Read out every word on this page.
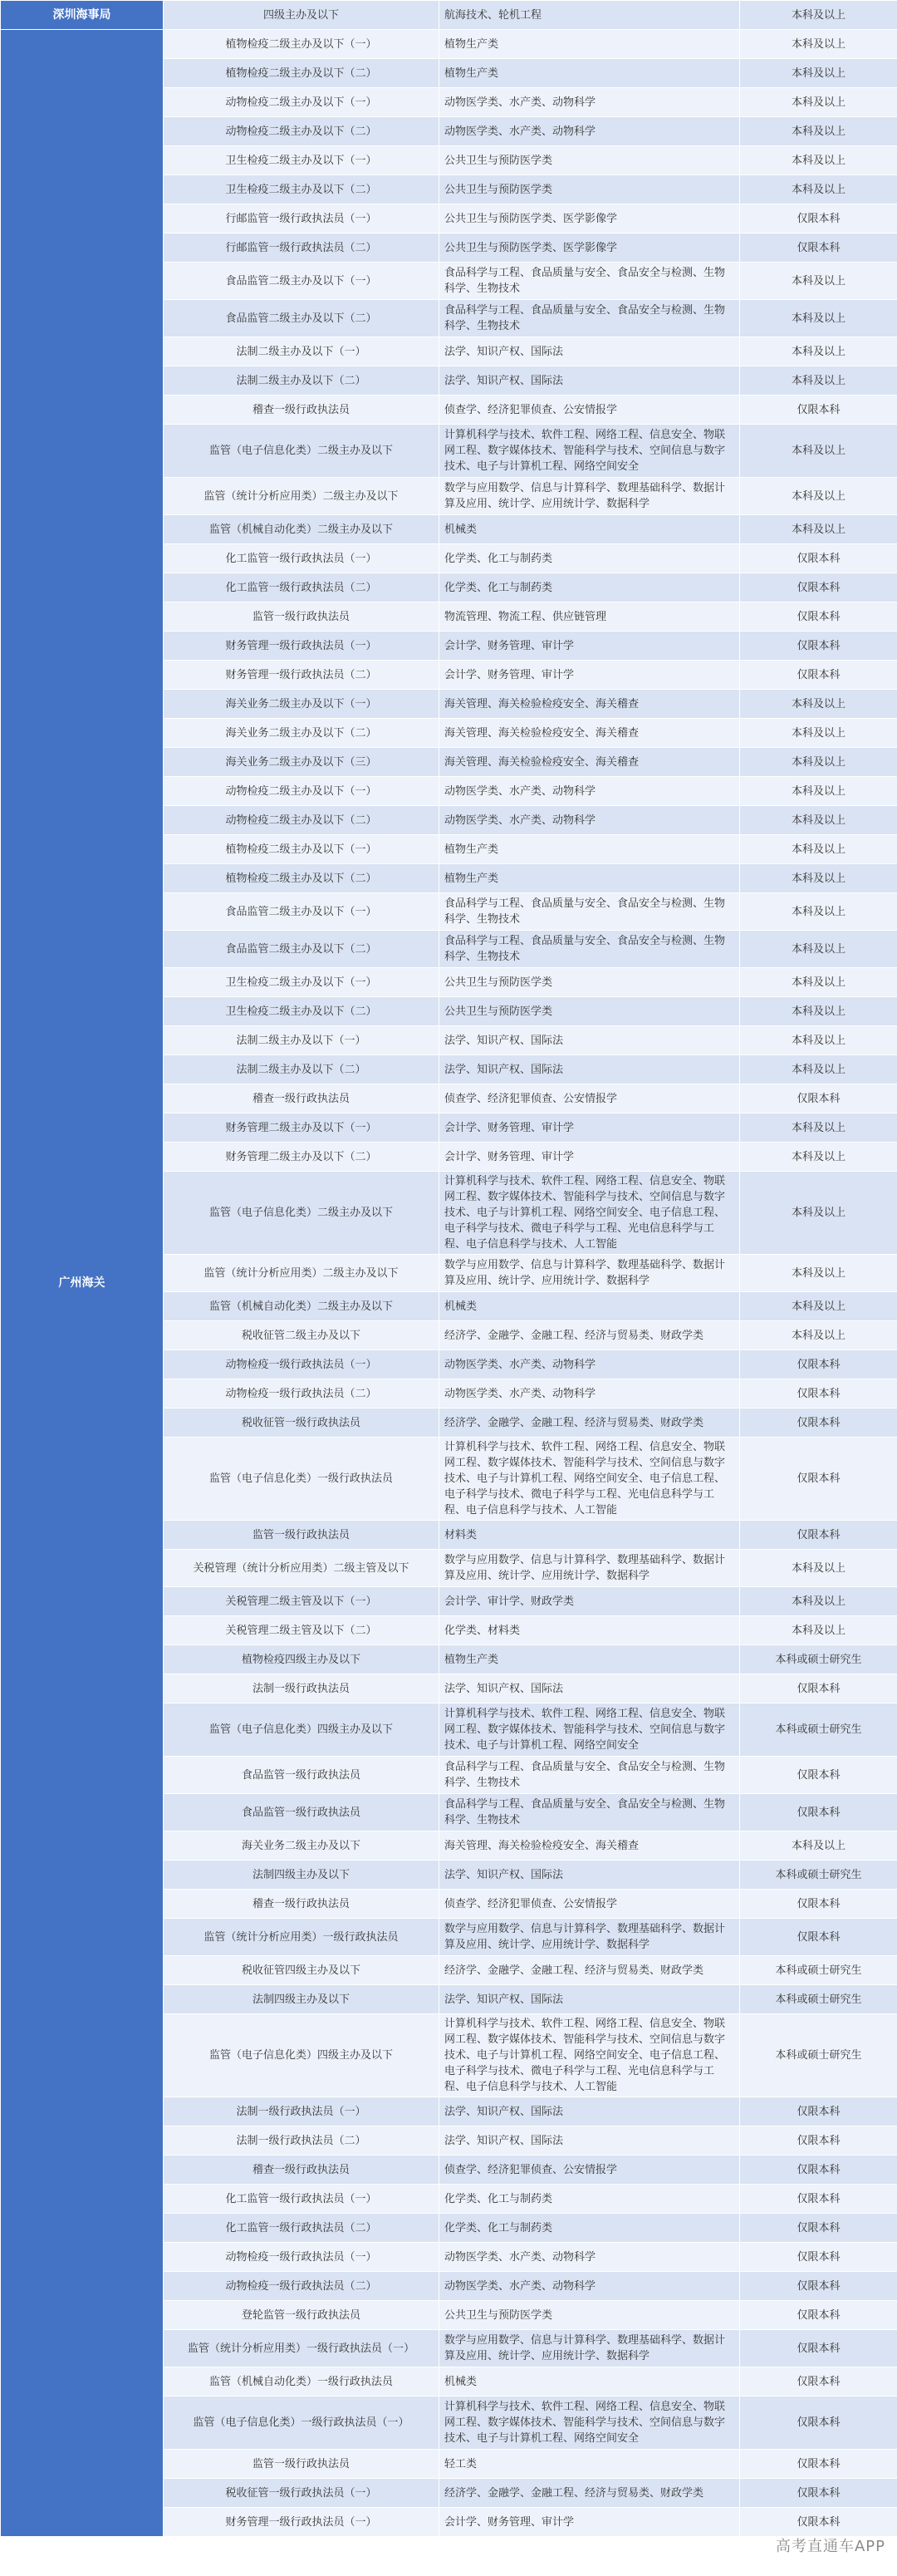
深圳海事局	四级主办及以下	航海技术、轮机工程	本科及以上
广州海关	植物检疫二级主办及以下（一）	植物生产类	本科及以上
	植物检疫二级主办及以下（二）	植物生产类	本科及以上
	动物检疫二级主办及以下（一）	动物医学类、水产类、动物科学	本科及以上
	动物检疫二级主办及以下（二）	动物医学类、水产类、动物科学	本科及以上
	卫生检疫二级主办及以下（一）	公共卫生与预防医学类	本科及以上
	卫生检疫二级主办及以下（二）	公共卫生与预防医学类	本科及以上
	行邮监管一级行政执法员（一）	公共卫生与预防医学类、医学影像学	仅限本科
	行邮监管一级行政执法员（二）	公共卫生与预防医学类、医学影像学	仅限本科
	食品监管二级主办及以下（一）	食品科学与工程、食品质量与安全、食品安全与检测、生物科学、生物技术	本科及以上
	食品监管二级主办及以下（二）	食品科学与工程、食品质量与安全、食品安全与检测、生物科学、生物技术	本科及以上
	法制二级主办及以下（一）	法学、知识产权、国际法	本科及以上
	法制二级主办及以下（二）	法学、知识产权、国际法	本科及以上
	稽查一级行政执法员	侦查学、经济犯罪侦查、公安情报学	仅限本科
	监管（电子信息化类）二级主办及以下	计算机科学与技术、软件工程、网络工程、信息安全、物联网工程、数字媒体技术、智能科学与技术、空间信息与数字技术、电子与计算机工程、网络空间安全	本科及以上
	监管（统计分析应用类）二级主办及以下	数学与应用数学、信息与计算科学、数理基础科学、数据计算及应用、统计学、应用统计学、数据科学	本科及以上
	监管（机械自动化类）二级主办及以下	机械类	本科及以上
	化工监管一级行政执法员（一）	化学类、化工与制药类	仅限本科
	化工监管一级行政执法员（二）	化学类、化工与制药类	仅限本科
	监管一级行政执法员	物流管理、物流工程、供应链管理	仅限本科
	财务管理一级行政执法员（一）	会计学、财务管理、审计学	仅限本科
	财务管理一级行政执法员（二）	会计学、财务管理、审计学	仅限本科
	海关业务二级主办及以下（一）	海关管理、海关检验检疫安全、海关稽查	本科及以上
	海关业务二级主办及以下（二）	海关管理、海关检验检疫安全、海关稽查	本科及以上
	海关业务二级主办及以下（三）	海关管理、海关检验检疫安全、海关稽查	本科及以上
	动物检疫二级主办及以下（一）	动物医学类、水产类、动物科学	本科及以上
	动物检疫二级主办及以下（二）	动物医学类、水产类、动物科学	本科及以上
	植物检疫二级主办及以下（一）	植物生产类	本科及以上
	植物检疫二级主办及以下（二）	植物生产类	本科及以上
	食品监管二级主办及以下（一）	食品科学与工程、食品质量与安全、食品安全与检测、生物科学、生物技术	本科及以上
	食品监管二级主办及以下（二）	食品科学与工程、食品质量与安全、食品安全与检测、生物科学、生物技术	本科及以上
	卫生检疫二级主办及以下（一）	公共卫生与预防医学类	本科及以上
	卫生检疫二级主办及以下（二）	公共卫生与预防医学类	本科及以上
	法制二级主办及以下（一）	法学、知识产权、国际法	本科及以上
	法制二级主办及以下（二）	法学、知识产权、国际法	本科及以上
	稽查一级行政执法员	侦查学、经济犯罪侦查、公安情报学	仅限本科
	财务管理二级主办及以下（一）	会计学、财务管理、审计学	本科及以上
	财务管理二级主办及以下（二）	会计学、财务管理、审计学	本科及以上
	监管（电子信息化类）二级主办及以下	计算机科学与技术、软件工程、网络工程、信息安全、物联网工程、数字媒体技术、智能科学与技术、空间信息与数字技术、电子与计算机工程、网络空间安全、电子信息工程、电子科学与技术、微电子科学与工程、光电信息科学与工程、电子信息科学与技术、人工智能	本科及以上
	监管（统计分析应用类）二级主办及以下	数学与应用数学、信息与计算科学、数理基础科学、数据计算及应用、统计学、应用统计学、数据科学	本科及以上
	监管（机械自动化类）二级主办及以下	机械类	本科及以上
	税收征管二级主办及以下	经济学、金融学、金融工程、经济与贸易类、财政学类	本科及以上
	动物检疫一级行政执法员（一）	动物医学类、水产类、动物科学	仅限本科
	动物检疫一级行政执法员（二）	动物医学类、水产类、动物科学	仅限本科
	税收征管一级行政执法员	经济学、金融学、金融工程、经济与贸易类、财政学类	仅限本科
	监管（电子信息化类）一级行政执法员	计算机科学与技术、软件工程、网络工程、信息安全、物联网工程、数字媒体技术、智能科学与技术、空间信息与数字技术、电子与计算机工程、网络空间安全、电子信息工程、电子科学与技术、微电子科学与工程、光电信息科学与工程、电子信息科学与技术、人工智能	仅限本科
	监管一级行政执法员	材料类	仅限本科
	关税管理（统计分析应用类）二级主管及以下	数学与应用数学、信息与计算科学、数理基础科学、数据计算及应用、统计学、应用统计学、数据科学	本科及以上
	关税管理二级主管及以下（一）	会计学、审计学、财政学类	本科及以上
	关税管理二级主管及以下（二）	化学类、材料类	本科及以上
	植物检疫四级主办及以下	植物生产类	本科或硕士研究生
	法制一级行政执法员	法学、知识产权、国际法	仅限本科
	监管（电子信息化类）四级主办及以下	计算机科学与技术、软件工程、网络工程、信息安全、物联网工程、数字媒体技术、智能科学与技术、空间信息与数字技术、电子与计算机工程、网络空间安全	本科或硕士研究生
	食品监管一级行政执法员	食品科学与工程、食品质量与安全、食品安全与检测、生物科学、生物技术	仅限本科
	食品监管一级行政执法员	食品科学与工程、食品质量与安全、食品安全与检测、生物科学、生物技术	仅限本科
	海关业务二级主办及以下	海关管理、海关检验检疫安全、海关稽查	本科及以上
	法制四级主办及以下	法学、知识产权、国际法	本科或硕士研究生
	稽查一级行政执法员	侦查学、经济犯罪侦查、公安情报学	仅限本科
	监管（统计分析应用类）一级行政执法员	数学与应用数学、信息与计算科学、数理基础科学、数据计算及应用、统计学、应用统计学、数据科学	仅限本科
	税收征管四级主办及以下	经济学、金融学、金融工程、经济与贸易类、财政学类	本科或硕士研究生
	法制四级主办及以下	法学、知识产权、国际法	本科或硕士研究生
	监管（电子信息化类）四级主办及以下	计算机科学与技术、软件工程、网络工程、信息安全、物联网工程、数字媒体技术、智能科学与技术、空间信息与数字技术、电子与计算机工程、网络空间安全、电子信息工程、电子科学与技术、微电子科学与工程、光电信息科学与工程、电子信息科学与技术、人工智能	本科或硕士研究生
	法制一级行政执法员（一）	法学、知识产权、国际法	仅限本科
	法制一级行政执法员（二）	法学、知识产权、国际法	仅限本科
	稽查一级行政执法员	侦查学、经济犯罪侦查、公安情报学	仅限本科
	化工监管一级行政执法员（一）	化学类、化工与制药类	仅限本科
	化工监管一级行政执法员（二）	化学类、化工与制药类	仅限本科
	动物检疫一级行政执法员（一）	动物医学类、水产类、动物科学	仅限本科
	动物检疫一级行政执法员（二）	动物医学类、水产类、动物科学	仅限本科
	登轮监管一级行政执法员	公共卫生与预防医学类	仅限本科
	监管（统计分析应用类）一级行政执法员（一）	数学与应用数学、信息与计算科学、数理基础科学、数据计算及应用、统计学、应用统计学、数据科学	仅限本科
	监管（机械自动化类）一级行政执法员	机械类	仅限本科
	监管（电子信息化类）一级行政执法员（一）	计算机科学与技术、软件工程、网络工程、信息安全、物联网工程、数字媒体技术、智能科学与技术、空间信息与数字技术、电子与计算机工程、网络空间安全	仅限本科
	监管一级行政执法员	轻工类	仅限本科
	税收征管一级行政执法员（一）	经济学、金融学、金融工程、经济与贸易类、财政学类	仅限本科
	财务管理一级行政执法员（一）	会计学、财务管理、审计学	仅限本科
高考直通车APP
